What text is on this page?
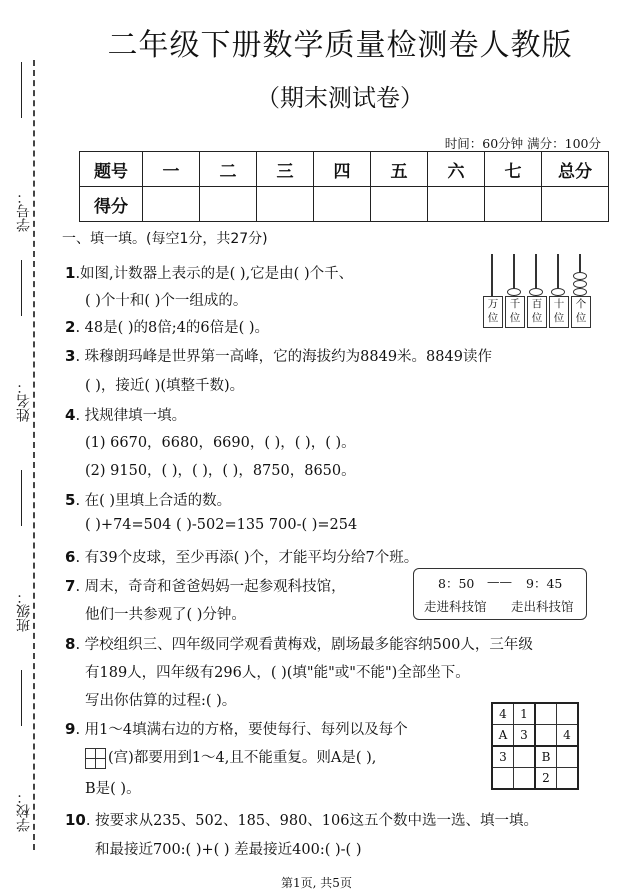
学号：
姓名：
班级：
学校：
二年级下册数学质量检测卷人教版
（期末测试卷）
时间：60分钟 满分：100分
题号	一	二	三	四	五	六	七	总分
得分								
一、填一填。(每空1分，共27分)
1.如图,计数器上表示的是( ),它是由( )个千、
( )个十和( )个一组成的。	万位
千位
百位
十位
个位
2. 48是( )的8倍;4的6倍是( )。
3. 珠穆朗玛峰是世界第一高峰，它的海拔约为8849米。8849读作
( )，接近( )(填整千数)。
4. 找规律填一填。
(1) 6670，6680，6690，( )，( )，( )。
(2) 9150，( )，( )，( )，8750，8650。
5. 在( )里填上合适的数。
( )+74=504 ( )-502=135 700-( )=254
6. 有39个皮球，至少再添( )个，才能平均分给7个班。
7. 周末，奇奇和爸爸妈妈一起参观科技馆，
他们一共参观了( )分钟。
8：50 —— 9：45
走进科技馆 走出科技馆
8. 学校组织三、四年级同学观看黄梅戏，剧场最多能容纳500人，三年级
有189人，四年级有296人，( )(填"能"或"不能")全部坐下。
写出你估算的过程:( )。
9. 用1～4填满右边的方格，要使每行、每列以及每个

	(宫)都要用到1～4,且不能重复。则A是( ),
B是( )。
4	1		
A	3		4
3		B	
		2	
10. 按要求从235、502、185、980、106这五个数中选一选、填一填。
和最接近700:( )+( ) 差最接近400:( )-( )
第1页, 共5页
